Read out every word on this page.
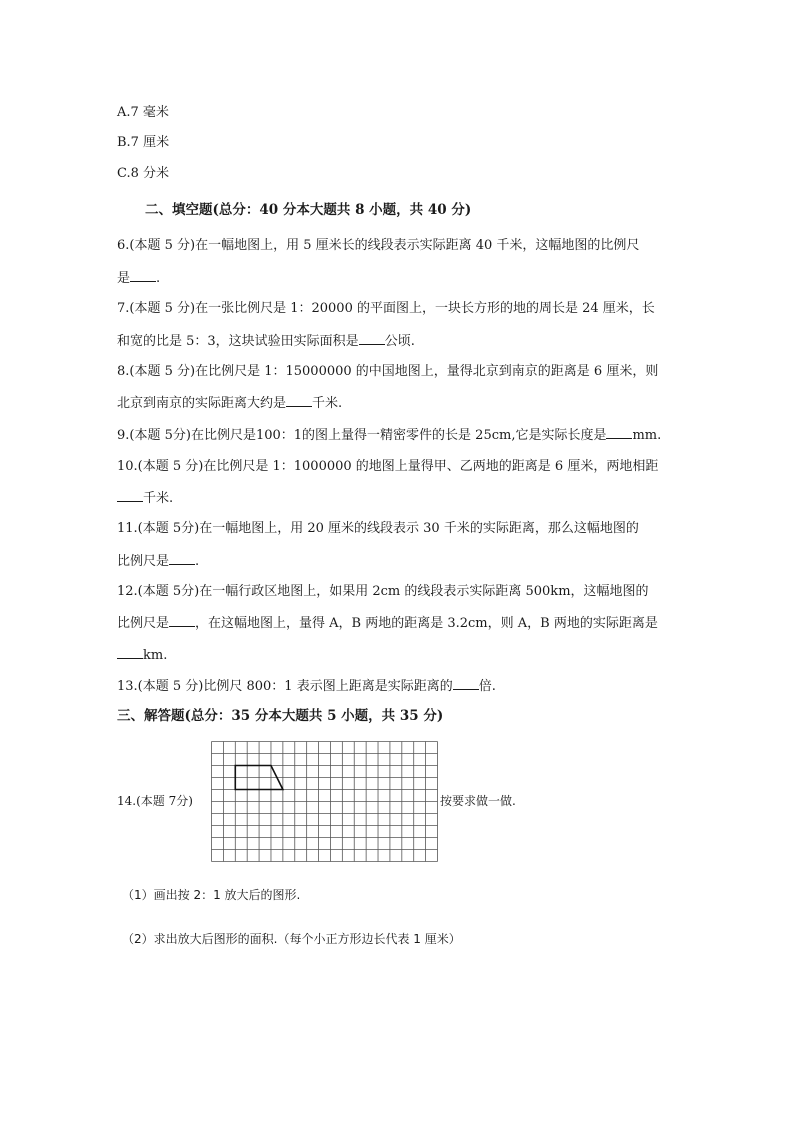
A.7 毫米
B.7 厘米
C.8 分米
二、填空题(总分：40 分本大题共 8 小题，共 40 分)
6.(本题 5 分)在一幅地图上，用 5 厘米长的线段表示实际距离 40 千米，这幅地图的比例尺
是 .
7.(本题 5 分)在一张比例尺是 1：20000 的平面图上，一块长方形的地的周长是 24 厘米，长
和宽的比是 5：3，这块试验田实际面积是 公顷.
8.(本题 5 分)在比例尺是 1：15000000 的中国地图上，量得北京到南京的距离是 6 厘米，则
北京到南京的实际距离大约是 千米.
9.(本题 5分)在比例尺是100：1的图上量得一精密零件的长是 25cm,它是实际长度是 mm.
10.(本题 5 分)在比例尺是 1：1000000 的地图上量得甲、乙两地的距离是 6 厘米，两地相距
千米.
11.(本题 5分)在一幅地图上，用 20 厘米的线段表示 30 千米的实际距离，那么这幅地图的
比例尺是 .
12.(本题 5分)在一幅行政区地图上，如果用 2cm 的线段表示实际距离 500km，这幅地图的
比例尺是 ，在这幅地图上，量得 A，B 两地的距离是 3.2cm，则 A，B 两地的实际距离是
km.
13.(本题 5 分)比例尺 800：1 表示图上距离是实际距离的 倍.
三、解答题(总分：35 分本大题共 5 小题，共 35 分)
14.(本题 7分)	按要求做一做.
（1）画出按 2：1 放大后的图形.
（2）求出放大后图形的面积.（每个小正方形边长代表 1 厘米）
